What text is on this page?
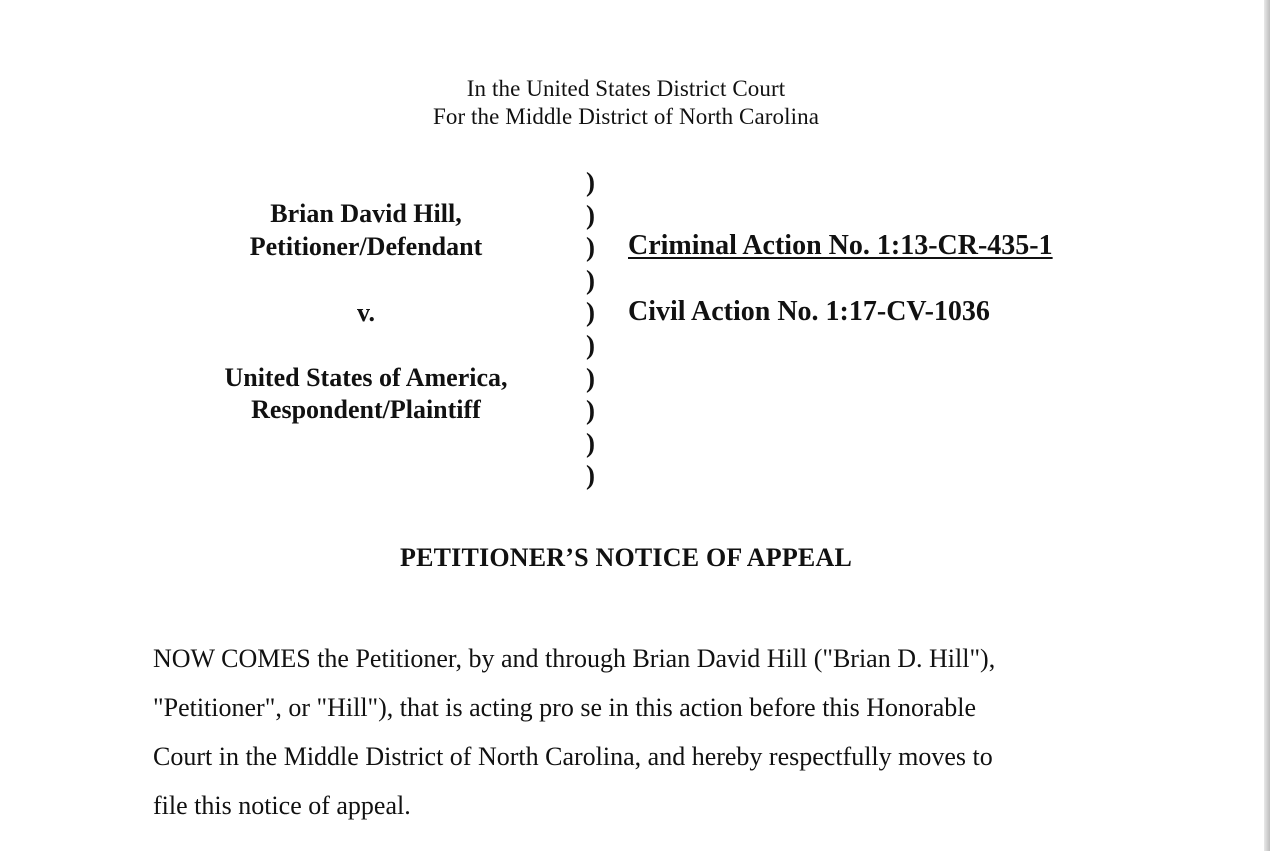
In the United States District Court
For the Middle District of North Carolina
Brian David Hill,
Petitioner/Defendant
v.
United States of America,
Respondent/Plaintiff
)
)
)
)
)
)
)
)
)
)
Criminal Action No. 1:13-CR-435-1
Civil Action No. 1:17-CV-1036
PETITIONER’S NOTICE OF APPEAL
NOW COMES the Petitioner, by and through Brian David Hill ("Brian D. Hill"),
"Petitioner", or "Hill"), that is acting pro se in this action before this Honorable
Court in the Middle District of North Carolina, and hereby respectfully moves to
file this notice of appeal.
